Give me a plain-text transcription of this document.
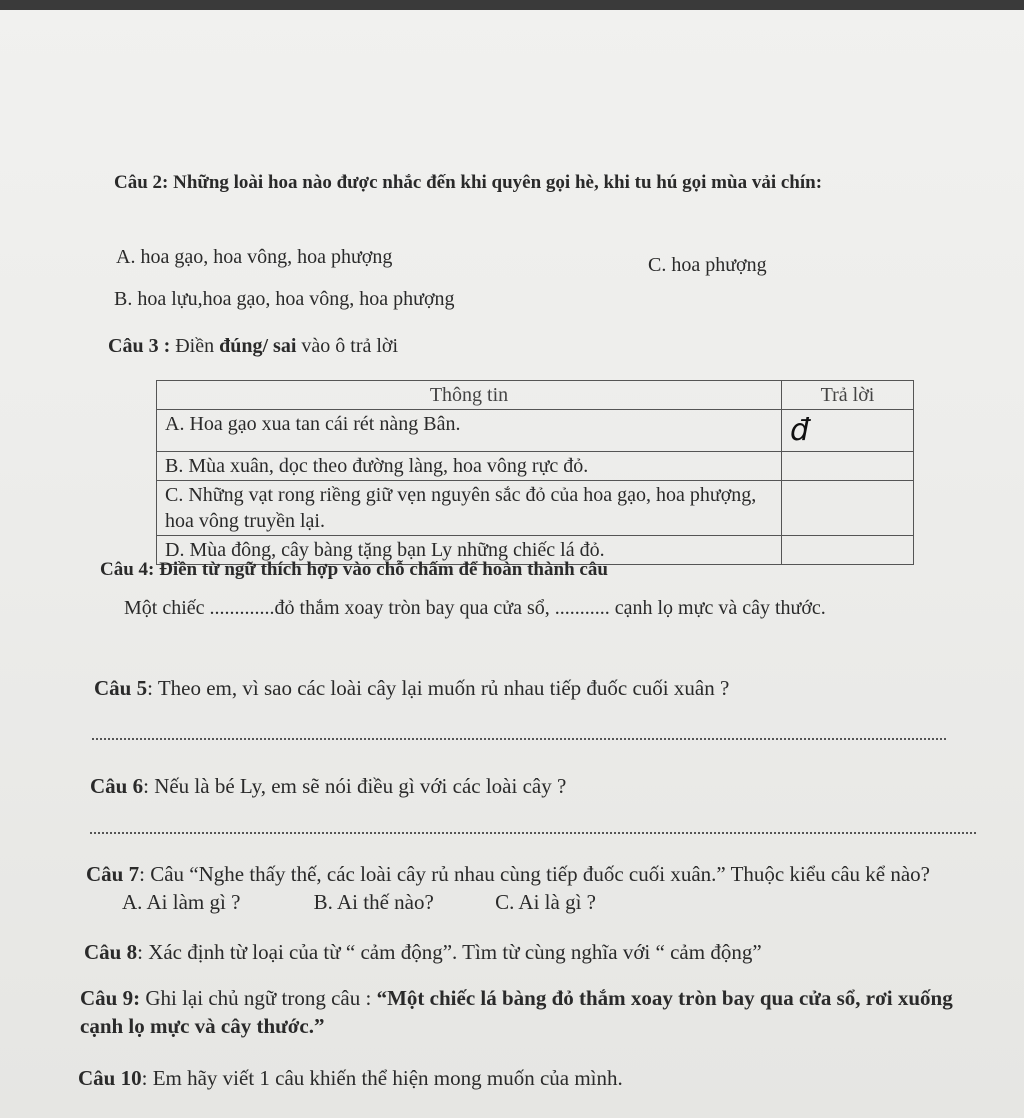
Câu 2: Những loài hoa nào được nhắc đến khi quyên gọi hè, khi tu hú gọi mùa vải chín:
A. hoa gạo, hoa vông, hoa phượng	C. hoa phượng
B. hoa lựu,hoa gạo, hoa vông, hoa phượng
Câu 3 : Điền đúng/ sai vào ô trả lời
Thông tin	Trả lời
A. Hoa gạo xua tan cái rét nàng Bân.	đ
B. Mùa xuân, dọc theo đường làng, hoa vông rực đỏ.	
C. Những vạt rong riềng giữ vẹn nguyên sắc đỏ của hoa gạo, hoa phượng, hoa vông truyền lại.	
D. Mùa đông, cây bàng tặng bạn Ly những chiếc lá đỏ.	
Câu 4: Điền từ ngữ thích hợp vào chỗ chấm để hoàn thành câu
Một chiếc .............đỏ thắm xoay tròn bay qua cửa sổ, ........... cạnh lọ mực và cây thước.
Câu 5: Theo em, vì sao các loài cây lại muốn rủ nhau tiếp đuốc cuối xuân ?
Câu 6: Nếu là bé Ly, em sẽ nói điều gì với các loài cây ?
Câu 7: Câu “Nghe thấy thế, các loài cây rủ nhau cùng tiếp đuốc cuối xuân.” Thuộc kiểu câu kể nào? A. Ai làm gì ?	B. Ai thế nào?	C. Ai là gì ?
Câu 8: Xác định từ loại của từ “ cảm động”. Tìm từ cùng nghĩa với “ cảm động”
Câu 9: Ghi lại chủ ngữ trong câu : “Một chiếc lá bàng đỏ thắm xoay tròn bay qua cửa sổ, rơi xuống cạnh lọ mực và cây thước.”
Câu 10: Em hãy viết 1 câu khiến thể hiện mong muốn của mình.
